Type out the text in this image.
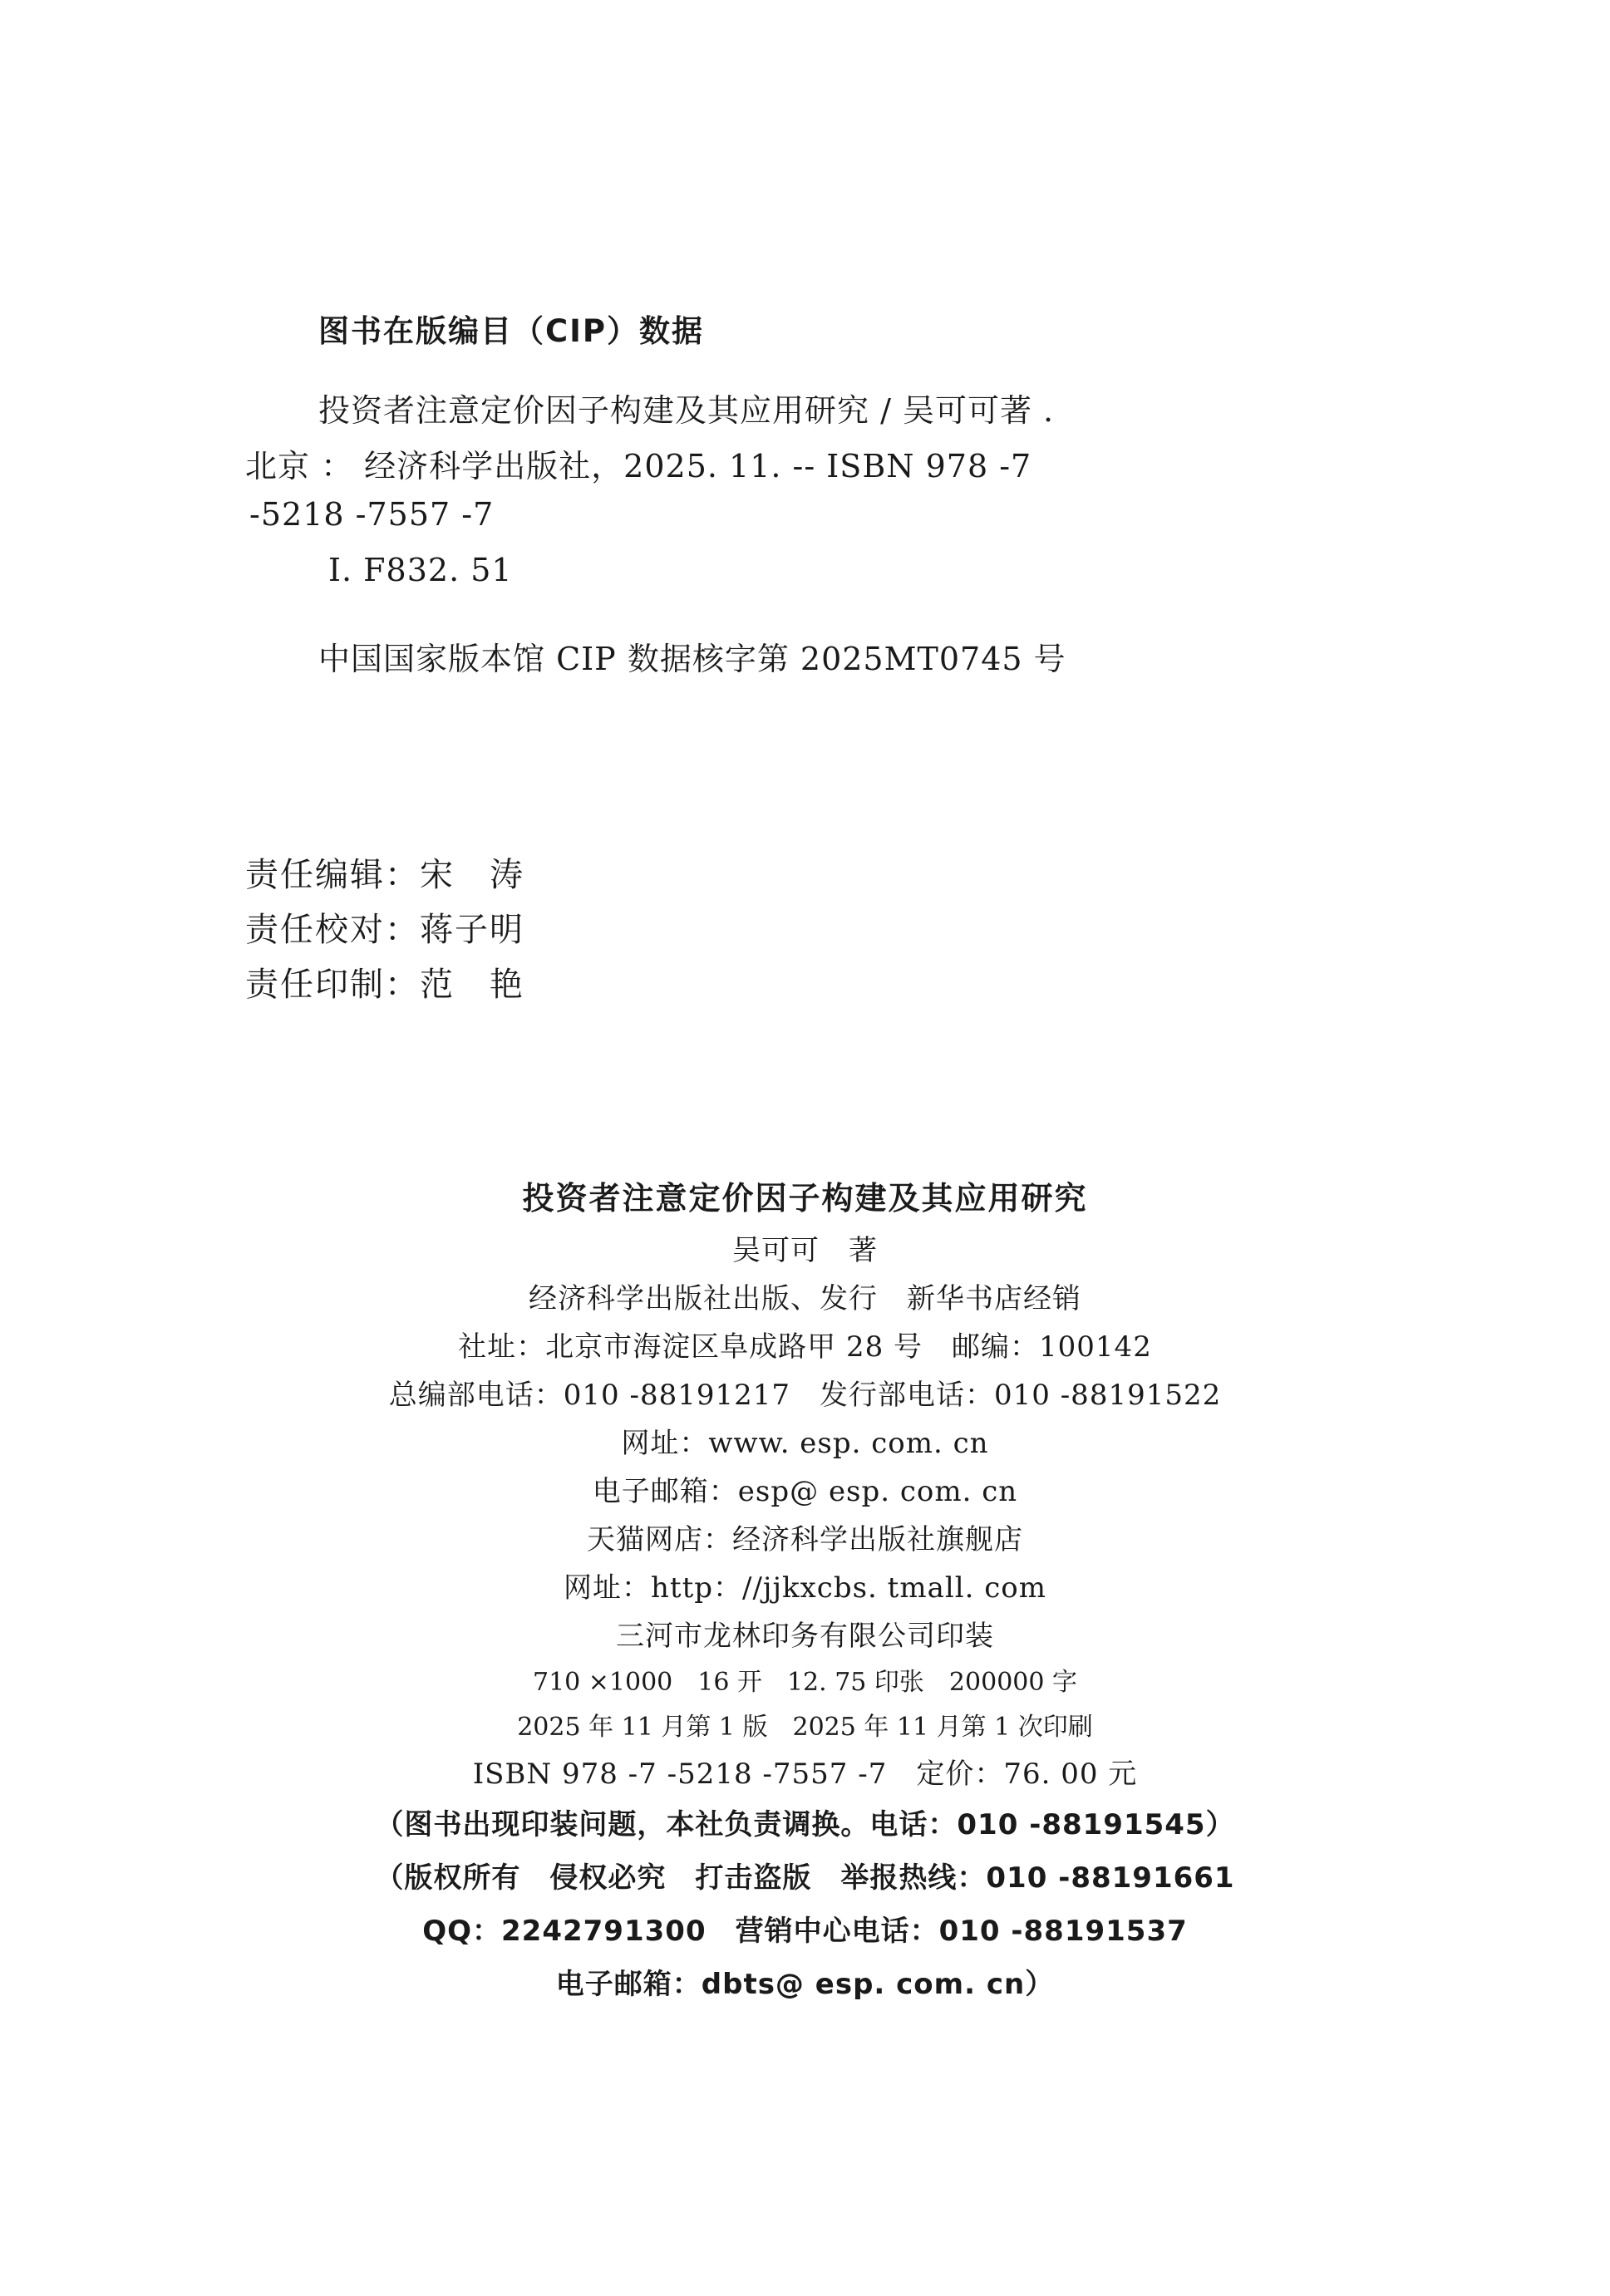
图书在版编目（CIP）数据
投资者注意定价因子构建及其应用研究 / 吴可可著 .
北京 ： 经济科学出版社，2025. 11. -- ISBN 978 -7
-5218 -7557 -7
Ⅰ. F832. 51
中国国家版本馆 CIP 数据核字第 2025MT0745 号
责任编辑：宋　涛
责任校对：蒋子明
责任印制：范　艳
投资者注意定价因子构建及其应用研究
吴可可　著
经济科学出版社出版、发行　新华书店经销
社址：北京市海淀区阜成路甲 28 号　邮编：100142
总编部电话：010 -88191217　发行部电话：010 -88191522
网址：www. esp. com. cn
电子邮箱：esp@ esp. com. cn
天猫网店：经济科学出版社旗舰店
网址：http：//jjkxcbs. tmall. com
三河市龙林印务有限公司印装
710 ×1000　16 开　12. 75 印张　200000 字
2025 年 11 月第 1 版　2025 年 11 月第 1 次印刷
ISBN 978 -7 -5218 -7557 -7　定价：76. 00 元
（图书出现印装问题，本社负责调换。电话：010 -88191545）
（版权所有　侵权必究　打击盗版　举报热线：010 -88191661
QQ：2242791300　营销中心电话：010 -88191537
电子邮箱：dbts@ esp. com. cn）
